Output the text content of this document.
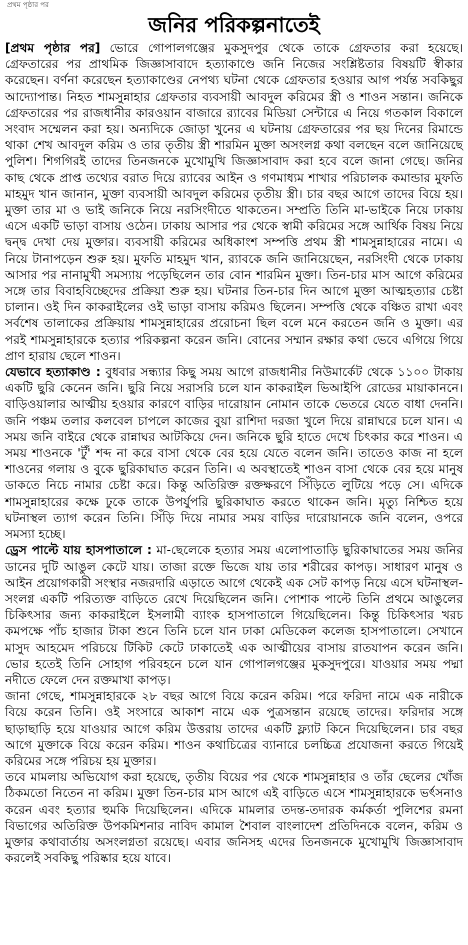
প্রথম পৃষ্ঠার পর
জনির পরিকল্পনাতেই

[প্রথম পৃষ্ঠার পর] ভোরে গোপালগঞ্জের মুকসুদপুর থেকে তাকে গ্রেফতার করা হয়েছে। গ্রেফতারের পর প্রাথমিক জিজ্ঞাসাবাদে হত্যাকাণ্ডে জনি নিজের সংশ্লিষ্টতার বিষয়টি স্বীকার করেছেন। বর্ণনা করেছেন হত্যাকাণ্ডের নেপথ্য ঘটনা থেকে গ্রেফতার হওয়ার আগ পর্যন্ত সবকিছুর আদ্যোপান্ত। নিহত শামসুন্নাহার গ্রেফতার ব্যবসায়ী আবদুল করিমের স্ত্রী ও শাওন সন্তান। জনিকে গ্রেফতারের পর রাজধানীর কারওয়ান বাজারে র‌্যাবের মিডিয়া সেন্টারে এ নিয়ে গতকাল বিকালে সংবাদ সম্মেলন করা হয়। অন্যদিকে জোড়া খুনের এ ঘটনায় গ্রেফতারের পর ছয় দিনের রিমান্ডে থাকা শেখ আবদুল করিম ও তার তৃতীয় স্ত্রী শারমিন মুক্তা অসংলগ্ন কথা বলছেন বলে জানিয়েছে পুলিশ। শিগগিরই তাদের তিনজনকে মুখোমুখি জিজ্ঞাসাবাদ করা হবে বলে জানা গেছে। জনির কাছ থেকে প্রাপ্ত তথ্যের বরাত দিয়ে র‌্যাবের আইন ও গণমাধ্যম শাখার পরিচালক কমান্ডার মুফতি মাহমুদ খান জানান, মুক্তা ব্যবসায়ী আবদুল করিমের তৃতীয় স্ত্রী। চার বছর আগে তাদের বিয়ে হয়। মুক্তা তার মা ও ভাই জনিকে নিয়ে নরসিংদীতে থাকতেন। সম্প্রতি তিনি মা-ভাইকে নিয়ে ঢাকায় এসে একটি ভাড়া বাসায় ওঠেন। ঢাকায় আসার পর থেকে স্বামী করিমের সঙ্গে আর্থিক বিষয় নিয়ে দ্বন্দ্ব দেখা দেয় মুক্তার। ব্যবসায়ী করিমের অধিকাংশ সম্পত্তি প্রথম স্ত্রী শামসুন্নাহারের নামে। এ নিয়ে টানাপড়েন শুরু হয়। মুফতি মাহমুদ খান, র‌্যাবকে জনি জানিয়েছেন, নরসিংদী থেকে ঢাকায় আসার পর নানামুখী সমস্যায় পড়েছিলেন তার বোন শারমিন মুক্তা। তিন-চার মাস আগে করিমের সঙ্গে তার বিবাহবিচ্ছেদের প্রক্রিয়া শুরু হয়। ঘটনার তিন-চার দিন আগে মুক্তা আত্মহত্যার চেষ্টা চালান। ওই দিন কাকরাইলের ওই ভাড়া বাসায় করিমও ছিলেন। সম্পত্তি থেকে বঞ্চিত রাখা এবং সর্বশেষ তালাকের প্রক্রিয়ায় শামসুন্নাহারের প্ররোচনা ছিল বলে মনে করতেন জনি ও মুক্তা। এর পরই শামসুন্নাহারকে হত্যার পরিকল্পনা করেন জনি। বোনের সম্মান রক্ষার কথা ভেবে এগিয়ে গিয়ে প্রাণ হারায় ছেলে শাওন।

যেভাবে হত্যাকাণ্ড : বুধবার সন্ধ্যার কিছু সময় আগে রাজধানীর নিউমার্কেট থেকে ১১০০ টাকায় একটি ছুরি কেনেন জনি। ছুরি নিয়ে সরাসরি চলে যান কাকরাইল ভিআইপি রোডের মায়াকাননে। বাড়িওয়ালার আত্মীয় হওয়ার কারণে বাড়ির দারোয়ান নোমান তাকে ভেতরে যেতে বাধা দেননি। জনি পঞ্চম তলার কলবেল চাপলে কাজের বুয়া রাশিদা দরজা খুলে দিয়ে রান্নাঘরে চলে যান। এ সময় জনি বাইরে থেকে রান্নাঘর আটকিয়ে দেন। জনিকে ছুরি হাতে দেখে চিৎকার করে শাওন। এ সময় শাওনকে 'টুঁ' শব্দ না করে বাসা থেকে বের হয়ে যেতে বলেন জনি। তাতেও কাজ না হলে শাওনের গলায় ও বুকে ছুরিকাঘাত করেন তিনি। এ অবস্থাতেই শাওন বাসা থেকে বের হয়ে মানুষ ডাকতে নিচে নামার চেষ্টা করে। কিন্তু অতিরিক্ত রক্তক্ষরণে সিঁড়িতে লুটিয়ে পড়ে সে। এদিকে শামসুন্নাহারের কক্ষে ঢুকে তাকে উপর্যুপরি ছুরিকাঘাত করতে থাকেন জনি। মৃত্যু নিশ্চিত হয়ে ঘটনাস্থল ত্যাগ করেন তিনি। সিঁড়ি দিয়ে নামার সময় বাড়ির দারোয়ানকে জনি বলেন, ওপরে সমস্যা হচ্ছে।

ড্রেস পাল্টে যায় হাসপাতালে : মা-ছেলেকে হত্যার সময় এলোপাতাড়ি ছুরিকাঘাতের সময় জনির ডানের দুটি আঙুল কেটে যায়। তাজা রক্তে ভিজে যায় তার শরীরের কাপড়। সাধারণ মানুষ ও আইন প্রয়োগকারী সংস্থার নজরদারি এড়াতে আগে থেকেই এক সেট কাপড় নিয়ে এসে ঘটনাস্থল-সংলগ্ন একটি পরিত্যক্ত বাড়িতে রেখে দিয়েছিলেন জনি। পোশাক পাল্টে তিনি প্রথমে আঙুলের চিকিৎসার জন্য কাকরাইলে ইসলামী ব্যাংক হাসপাতালে গিয়েছিলেন। কিন্তু চিকিৎসার খরচ কমপক্ষে পাঁচ হাজার টাকা শুনে তিনি চলে যান ঢাকা মেডিকেল কলেজ হাসপাতালে। সেখানে মাসুদ আহমেদ পরিচয়ে টিকিট কেটে ঢাকাতেই এক আত্মীয়ের বাসায় রাতযাপন করেন জনি। ভোর হতেই তিনি সোহাগ পরিবহনে চলে যান গোপালগঞ্জের মুকসুদপুরে। যাওয়ার সময় পদ্মা নদীতে ফেলে দেন রক্তমাখা কাপড়।

জানা গেছে, শামসুন্নাহারকে ২৮ বছর আগে বিয়ে করেন করিম। পরে ফরিদা নামে এক নারীকে বিয়ে করেন তিনি। ওই সংসারে আকাশ নামে এক পুত্রসন্তান রয়েছে তাদের। ফরিদার সঙ্গে ছাড়াছাড়ি হয়ে যাওয়ার আগে করিম উত্তরায় তাদের একটি ফ্ল্যাট কিনে দিয়েছিলেন। চার বছর আগে মুক্তাকে বিয়ে করেন করিম। শাওন কথাচিত্রের ব্যানারে চলচ্চিত্র প্রযোজনা করতে গিয়েই করিমের সঙ্গে পরিচয় হয় মুক্তার।

তবে মামলায় অভিযোগ করা হয়েছে, তৃতীয় বিয়ের পর থেকে শামসুন্নাহার ও তাঁর ছেলের খোঁজ ঠিকমতো নিতেন না করিম। মুক্তা তিন-চার মাস আগে এই বাড়িতে এসে শামসুন্নাহারকে ভর্ৎসনাও করেন এবং হত্যার হুমকি দিয়েছিলেন। এদিকে মামলার তদন্ত-তদারক কর্মকর্তা পুলিশের রমনা বিভাগের অতিরিক্ত উপকমিশনার নাবিদ কামাল শৈবাল বাংলাদেশ প্রতিদিনকে বলেন, করিম ও মুক্তার কথাবার্তায় অসংলগ্নতা রয়েছে। এবার জনিসহ এদের তিনজনকে মুখোমুখি জিজ্ঞাসাবাদ করলেই সবকিছু পরিষ্কার হয়ে যাবে।
